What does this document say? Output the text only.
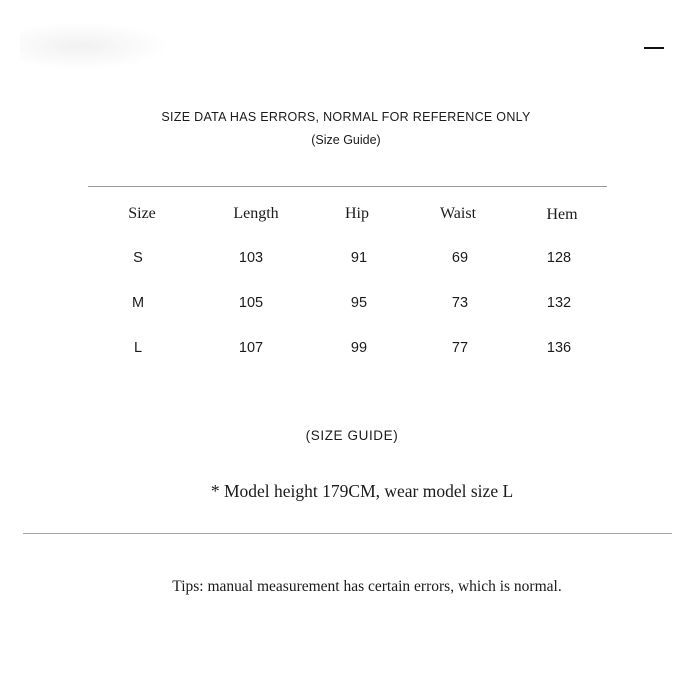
SIZE DATA HAS ERRORS, NORMAL FOR REFERENCE ONLY
(Size Guide)
Size	Length	Hip	Waist	Hem
S	103	91	69	128
M	105	95	73	132
L	107	99	77	136
(SIZE GUIDE)
* Model height 179CM, wear model size L
Tips: manual measurement has certain errors, which is normal.
